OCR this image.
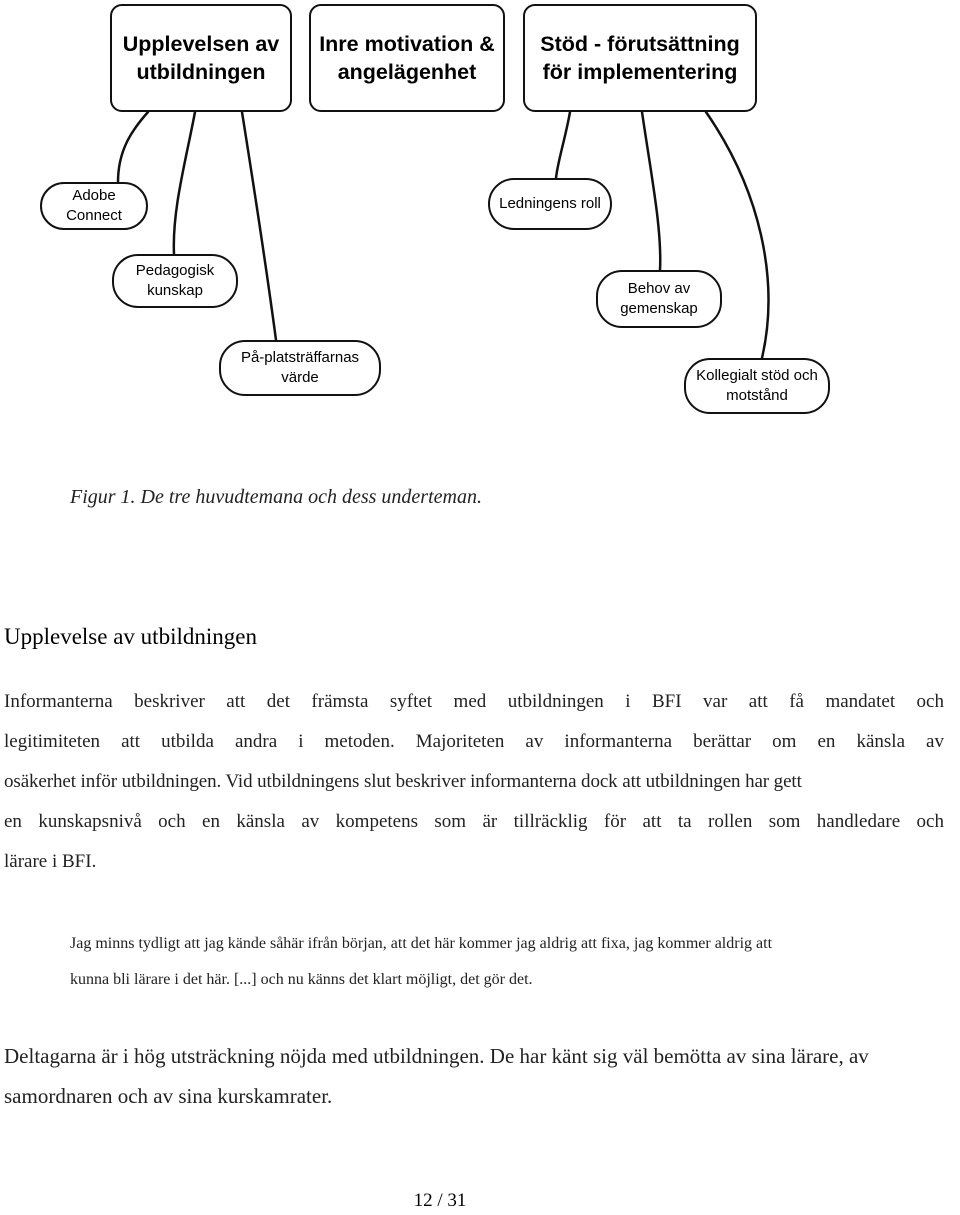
Upplevelsen av utbildningen
Inre motivation & angelägenhet
Stöd - förutsättning för implementering
Adobe Connect
Pedagogisk kunskap
På-platsträffarnas värde
Ledningens roll
Behov av gemenskap
Kollegialt stöd och motstånd

Figur 1. De tre huvudtemana och dess underteman.

Upplevelse av utbildningen
Informanterna beskriver att det främsta syftet med utbildningen i BFI var att få mandatet och
legitimiteten att utbilda andra i metoden. Majoriteten av informanterna berättar om en känsla av
osäkerhet inför utbildningen. Vid utbildningens slut beskriver informanterna dock att utbildningen har gett
en kunskapsnivå och en känsla av kompetens som är tillräcklig för att ta rollen som handledare och
lärare i BFI.
Jag minns tydligt att jag kände såhär ifrån början, att det här kommer jag aldrig att fixa, jag kommer aldrig att
kunna bli lärare i det här. [...] och nu känns det klart möjligt, det gör det.
Deltagarna är i hög utsträckning nöjda med utbildningen. De har känt sig väl bemötta av sina lärare, av
samordnaren och av sina kurskamrater.

12 / 31
